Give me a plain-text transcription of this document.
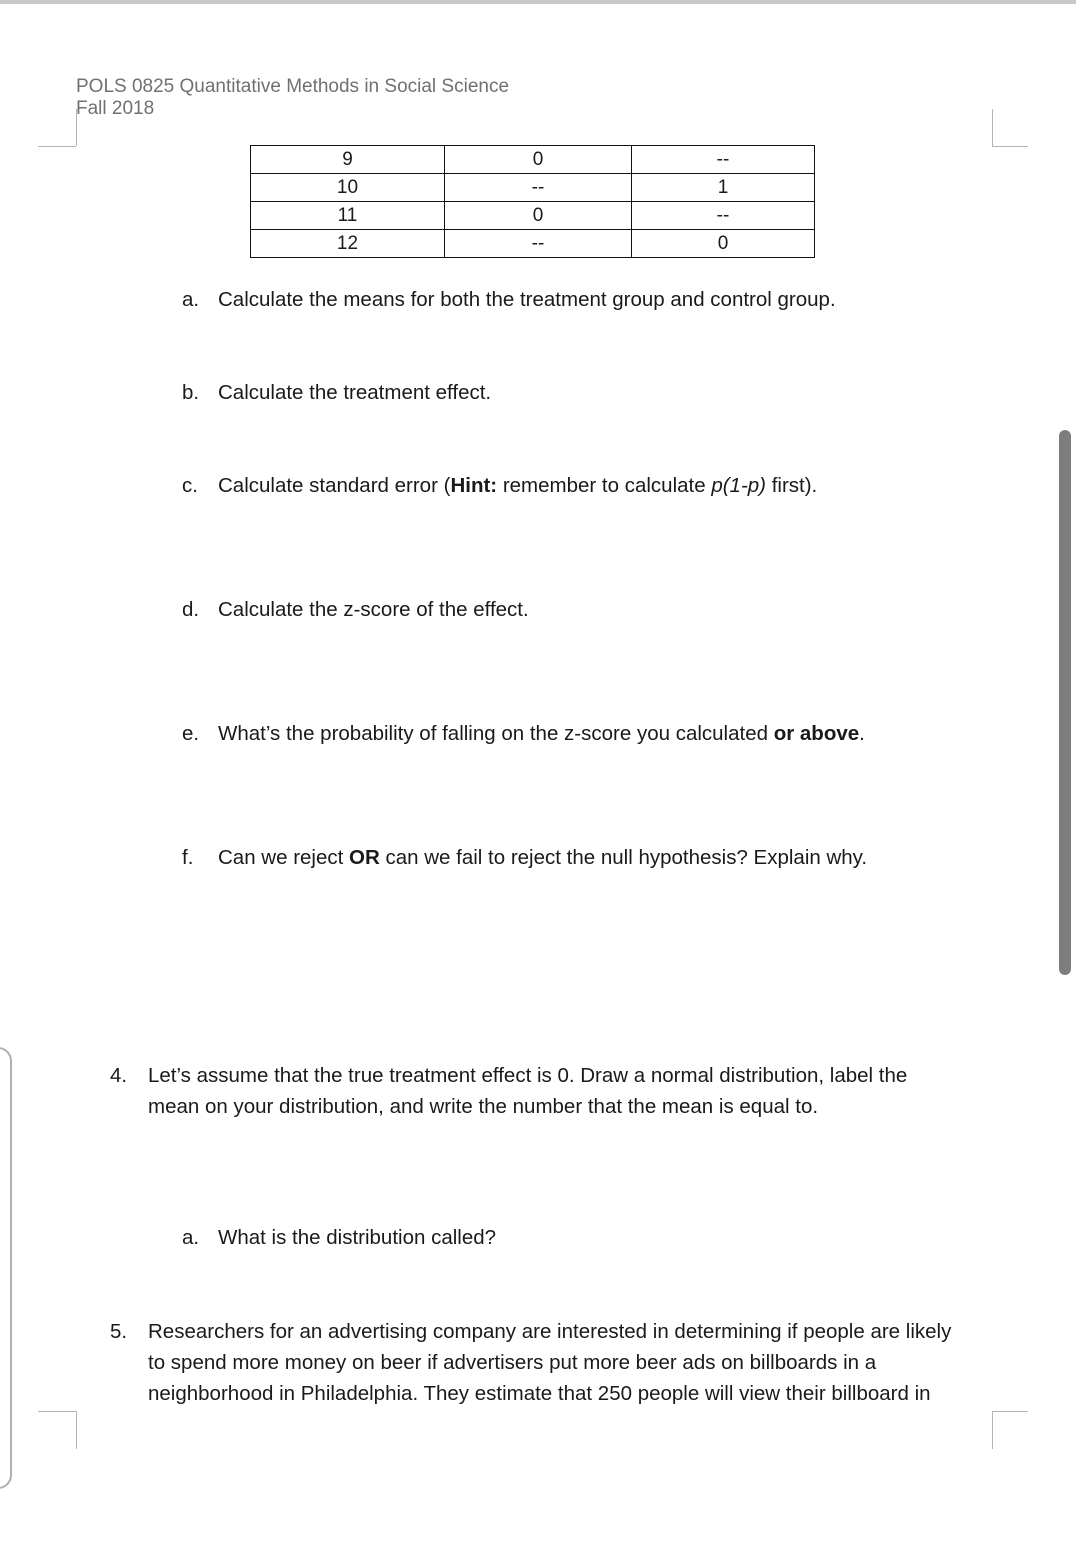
POLS 0825 Quantitative Methods in Social Science
Fall 2018
9	0	--
10	--	1
11	0	--
12	--	0
a. Calculate the means for both the treatment group and control group.
b. Calculate the treatment effect.
c. Calculate standard error (Hint: remember to calculate p(1-p) first).
d. Calculate the z-score of the effect.
e. What’s the probability of falling on the z-score you calculated or above.
f. Can we reject OR can we fail to reject the null hypothesis? Explain why.
4. Let’s assume that the true treatment effect is 0. Draw a normal distribution, label the
mean on your distribution, and write the number that the mean is equal to.
a. What is the distribution called?
5. Researchers for an advertising company are interested in determining if people are likely
to spend more money on beer if advertisers put more beer ads on billboards in a
neighborhood in Philadelphia. They estimate that 250 people will view their billboard in
